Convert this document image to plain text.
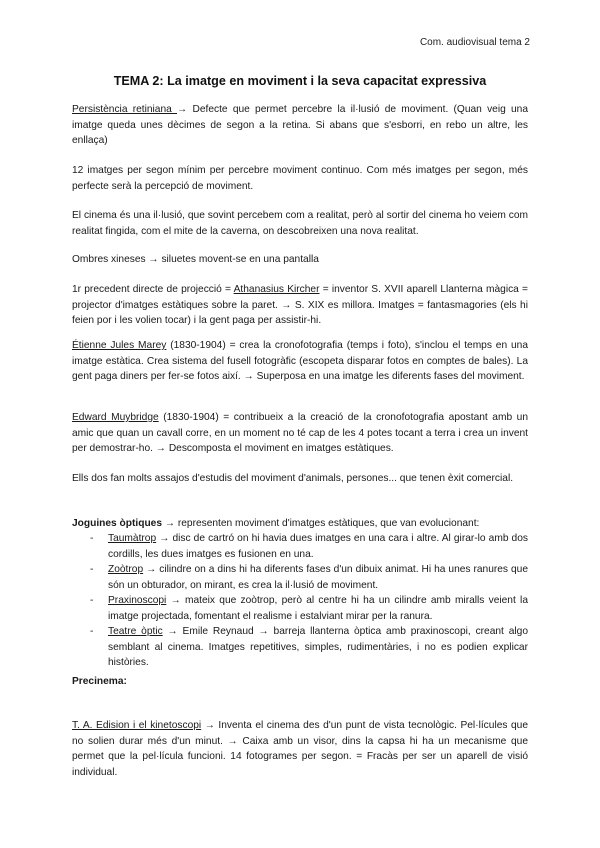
Com. audiovisual tema 2
TEMA 2: La imatge en moviment i la seva capacitat expressiva

Persistència retiniana → Defecte que permet percebre la il·lusió de moviment. (Quan veig una imatge queda unes dècimes de segon a la retina. Si abans que s'esborri, en rebo un altre, les enllaça)

12 imatges per segon mínim per percebre moviment continuo. Com més imatges per segon, més perfecte serà la percepció de moviment.

El cinema és una il·lusió, que sovint percebem com a realitat, però al sortir del cinema ho veiem com realitat fingida, com el mite de la caverna, on descobreixen una nova realitat.

Ombres xineses → siluetes movent-se en una pantalla

1r precedent directe de projecció = Athanasius Kircher = inventor S. XVII aparell Llanterna màgica = projector d'imatges estàtiques sobre la paret. → S. XIX es millora. Imatges = fantasmagories (els hi feien por i les volien tocar) i la gent paga per assistir-hi.

Étienne Jules Marey (1830-1904) = crea la cronofotografia (temps i foto), s'inclou el temps en una imatge estàtica. Crea sistema del fusell fotogràfic (escopeta disparar fotos en comptes de bales). La gent paga diners per fer-se fotos així. → Superposa en una imatge les diferents fases del moviment.

Edward Muybridge (1830-1904) = contribueix a la creació de la cronofotografia apostant amb un amic que quan un cavall corre, en un moment no té cap de les 4 potes tocant a terra i crea un invent per demostrar-ho. → Descomposta el moviment en imatges estàtiques.

Ells dos fan molts assajos d'estudis del moviment d'animals, persones... que tenen èxit comercial.

Joguines òptiques → representen moviment d'imatges estàtiques, que van evolucionant:

- Taumàtrop → disc de cartró on hi havia dues imatges en una cara i altre. Al girar-lo amb dos cordills, les dues imatges es fusionen en una.
- Zoòtrop → cilindre on a dins hi ha diferents fases d'un dibuix animat. Hi ha unes ranures que són un obturador, on mirant, es crea la il·lusió de moviment.
- Praxinoscopi → mateix que zoòtrop, però al centre hi ha un cilindre amb miralls veient la imatge projectada, fomentant el realisme i estalviant mirar per la ranura.
- Teatre òptic → Emile Reynaud → barreja llanterna òptica amb praxinoscopi, creant algo semblant al cinema. Imatges repetitives, simples, rudimentàries, i no es podien explicar històries.

Precinema:

T. A. Edision i el kinetoscopi → Inventa el cinema des d'un punt de vista tecnològic. Pel·lícules que no solien durar més d'un minut. → Caixa amb un visor, dins la capsa hi ha un mecanisme que permet que la pel·lícula funcioni. 14 fotogrames per segon. = Fracàs per ser un aparell de visió individual.
